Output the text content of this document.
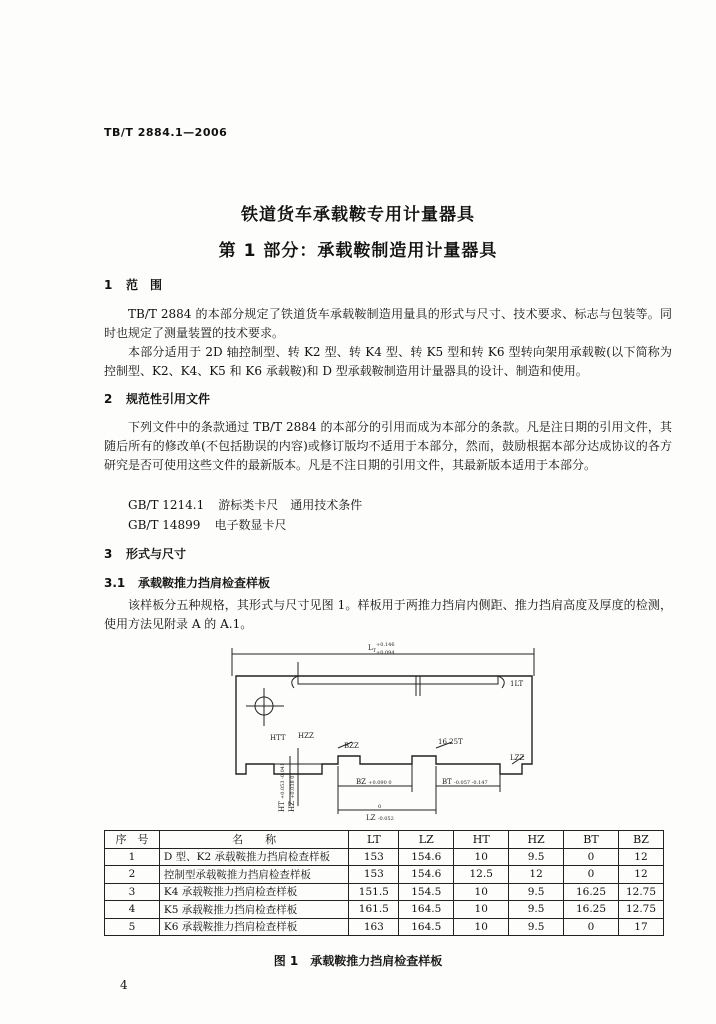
TB/T 2884.1—2006
铁道货车承载鞍专用计量器具
第 1 部分：承载鞍制造用计量器具
1 范　围

TB/T 2884 的本部分规定了铁道货车承载鞍制造用量具的形式与尺寸、技术要求、标志与包装等。同时也规定了测量装置的技术要求。

本部分适用于 2D 轴控制型、转 K2 型、转 K4 型、转 K5 型和转 K6 型转向架用承载鞍(以下简称为控制型、K2、K4、K5 和 K6 承载鞍)和 D 型承载鞍制造用计量器具的设计、制造和使用。

2 规范性引用文件

下列文件中的条款通过 TB/T 2884 的本部分的引用而成为本部分的条款。凡是注日期的引用文件，其随后所有的修改单(不包括勘误的内容)或修订版均不适用于本部分，然而，鼓励根据本部分达成协议的各方研究是否可使用这些文件的最新版本。凡是不注日期的引用文件，其最新版本适用于本部分。

GB/T 1214.1 游标类卡尺　通用技术条件
GB/T 14899 电子数显卡尺
3 形式与尺寸
3.1 承载鞍推力挡肩检查样板

该样板分五种规格，其形式与尺寸见图 1。样板用于两推力挡肩内侧距、推力挡肩高度及厚度的检测，使用方法见附录 A 的 A.1。

$L_T^{+0.146}$
+0.094
1LT
HTT HZZ
BZZ	16.25T
LZZ
BZ +0.090 0	BT -0.057 -0.147
LZ -0.052
0
HT +0.053 -0.041
HZ +0.038 0
序　号	名　　称	LT	LZ	HT	HZ	BT	BZ
1	D 型、K2 承载鞍推力挡肩检查样板	153	154.6	10	9.5	0	12
2	控制型承载鞍推力挡肩检查样板	153	154.6	12.5	12	0	12
3	K4 承载鞍推力挡肩检查样板	151.5	154.5	10	9.5	16.25	12.75
4	K5 承载鞍推力挡肩检查样板	161.5	164.5	10	9.5	16.25	12.75
5	K6 承载鞍推力挡肩检查样板	163	164.5	10	9.5	0	17
图 1　承载鞍推力挡肩检查样板
4
